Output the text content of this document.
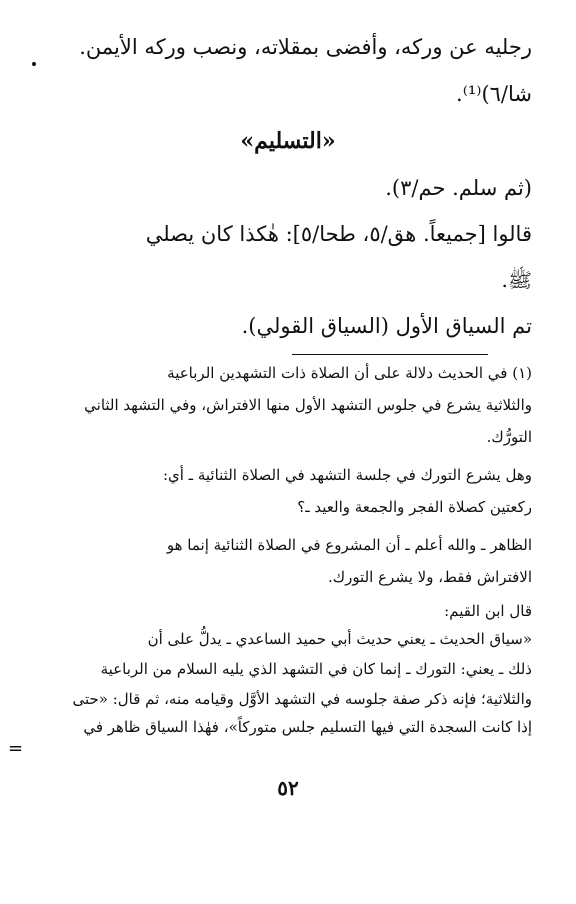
رجليه عن وركه، وأفضى بمقلاته، ونصب وركه الأيمن.
شا/٦)⁽¹⁾.
«التسليم»
(ثم سلم. حم/٣).
قالوا [جميعاً. هق/٥، طحا/٥]: هٰكذا كان يصلي
ﷺ.
تم السياق الأول (السياق القولي).
(١) في الحديث دلالة على أن الصلاة ذات التشهدين الرباعية
والثلاثية يشرع في جلوس التشهد الأول منها الافتراش، وفي التشهد الثاني
التورُّك.
وهل يشرع التورك في جلسة التشهد في الصلاة الثنائية ـ أي:
ركعتين كصلاة الفجر والجمعة والعيد ـ؟
الظاهر ـ والله أعلم ـ أن المشروع في الصلاة الثنائية إنما هو
الافتراش فقط، ولا يشرع التورك.
قال ابن القيم:
«سياق الحديث ـ يعني حديث أبي حميد الساعدي ـ يدلُّ على أن
ذلك ـ يعني: التورك ـ إنما كان في التشهد الذي يليه السلام من الرباعية
والثلاثية؛ فإنه ذكر صفة جلوسه في التشهد الأوَّل وقيامه منه، ثم قال: «حتى
إذا كانت السجدة التي فيها التسليم جلس متوركاً»، فهٰذا السياق ظاهر في
=
٥٢
